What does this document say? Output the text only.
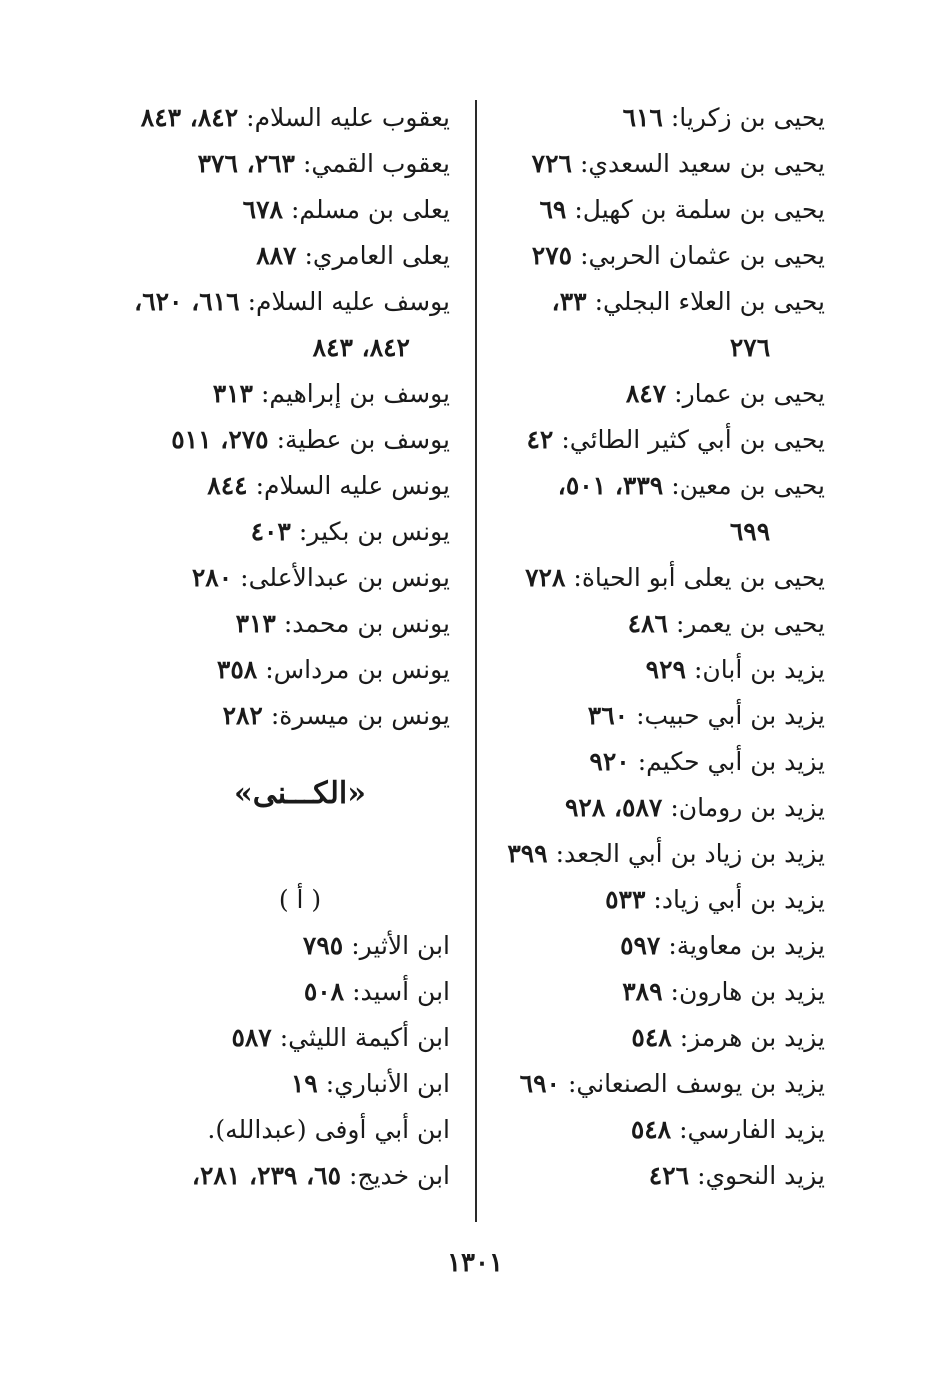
يحيى بن زكريا:٦١٦
يحيى بن سعيد السعدي:٧٢٦
يحيى بن سلمة بن كهيل:٦٩
يحيى بن عثمان الحربي:٢٧٥
يحيى بن العلاء البجلي:٣٣،
٢٧٦
يحيى بن عمار:٨٤٧
يحيى بن أبي كثير الطائي:٤٢
يحيى بن معين:٣٣٩، ٥٠١،
٦٩٩
يحيى بن يعلى أبو الحياة:٧٢٨
يحيى بن يعمر:٤٨٦
يزيد بن أبان:٩٢٩
يزيد بن أبي حبيب:٣٦٠
يزيد بن أبي حكيم:٩٢٠
يزيد بن رومان:٥٨٧، ٩٢٨
يزيد بن زياد بن أبي الجعد:٣٩٩
يزيد بن أبي زياد:٥٣٣
يزيد بن معاوية:٥٩٧
يزيد بن هارون:٣٨٩
يزيد بن هرمز:٥٤٨
يزيد بن يوسف الصنعاني:٦٩٠
يزيد الفارسي:٥٤٨
يزيد النحوي:٤٢٦
يعقوب عليه السلام:٨٤٢، ٨٤٣
يعقوب القمي:٢٦٣، ٣٧٦
يعلى بن مسلم:٦٧٨
يعلى العامري:٨٨٧
يوسف عليه السلام:٦١٦، ٦٢٠،
٨٤٢، ٨٤٣
يوسف بن إبراهيم:٣١٣
يوسف بن عطية:٢٧٥، ٥١١
يونس عليه السلام:٨٤٤
يونس بن بكير:٤٠٣
يونس بن عبدالأعلى:٢٨٠
يونس بن محمد:٣١٣
يونس بن مرداس:٣٥٨
يونس بن ميسرة:٢٨٢
«الكـــنى»
( أ )
ابن الأثير:٧٩٥
ابن أسيد:٥٠٨
ابن أكيمة الليثي:٥٨٧
ابن الأنباري:١٩
ابن أبي أوفى (عبدالله).
ابن خديج:٦٥، ٢٣٩، ٢٨١،
١٣٠١
